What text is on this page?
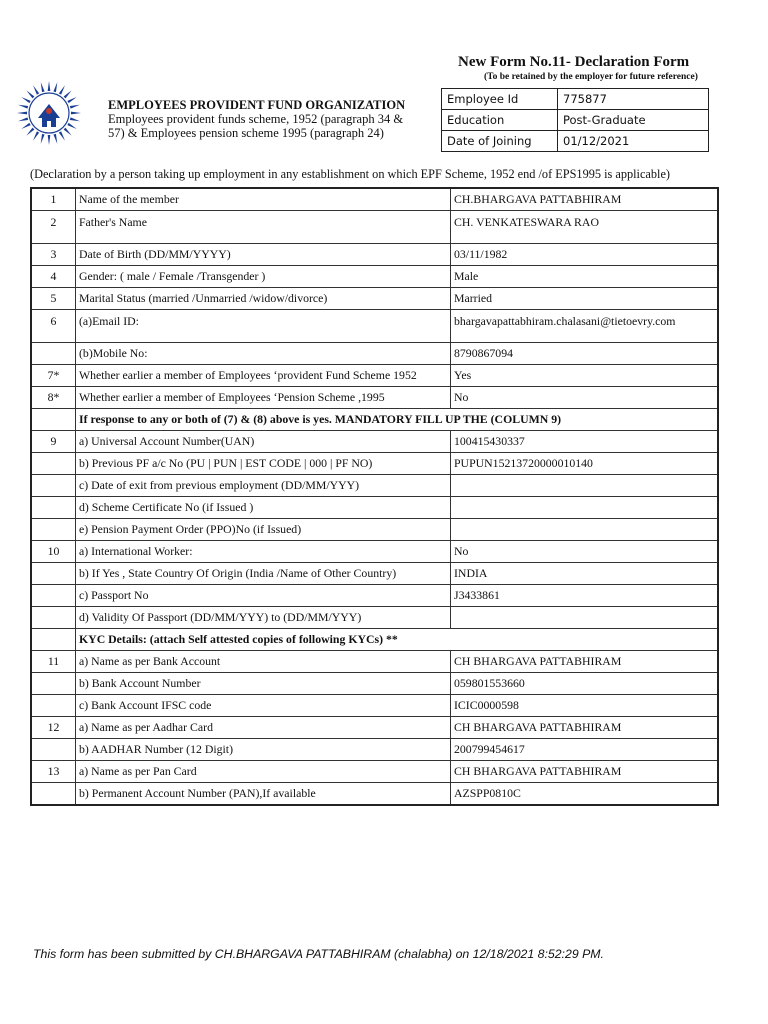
New Form No.11- Declaration Form
(To be retained by the employer for future reference)
EMPLOYEES PROVIDENT FUND ORGANIZATION
Employees provident funds scheme, 1952 (paragraph 34 &
57) & Employees pension scheme 1995 (paragraph 24)
Employee Id	775877
Education	Post-Graduate
Date of Joining	01/12/2021
(Declaration by a person taking up employment in any establishment on which EPF Scheme, 1952 end /of EPS1995 is applicable)
1	Name of the member	CH.BHARGAVA PATTABHIRAM
2	Father's Name	CH. VENKATESWARA RAO
3	Date of Birth (DD/MM/YYYY)	03/11/1982
4	Gender: ( male / Female /Transgender )	Male
5	Marital Status (married /Unmarried /widow/divorce)	Married
6	(a)Email ID:	bhargavapattabhiram.chalasani@tietoevry.com
	(b)Mobile No:	8790867094
7*	Whether earlier a member of Employees ‘provident Fund Scheme 1952	Yes
8*	Whether earlier a member of Employees ‘Pension Scheme ,1995	No
	If response to any or both of (7) & (8) above is yes. MANDATORY FILL UP THE (COLUMN 9)	
9	a) Universal Account Number(UAN)	100415430337
	b) Previous PF a/c No (PU | PUN | EST CODE | 000 | PF NO)	PUPUN15213720000010140
	c) Date of exit from previous employment (DD/MM/YYY)	
	d) Scheme Certificate No (if Issued )	
	e) Pension Payment Order (PPO)No (if Issued)	
10	a) International Worker:	No
	b) If Yes , State Country Of Origin (India /Name of Other Country)	INDIA
	c) Passport No	J3433861
	d) Validity Of Passport (DD/MM/YYY) to (DD/MM/YYY)	
	KYC Details: (attach Self attested copies of following KYCs) **	
11	a) Name as per Bank Account	CH BHARGAVA PATTABHIRAM
	b) Bank Account Number	059801553660
	c) Bank Account IFSC code	ICIC0000598
12	a) Name as per Aadhar Card	CH BHARGAVA PATTABHIRAM
	b) AADHAR Number (12 Digit)	200799454617
13	a) Name as per Pan Card	CH BHARGAVA PATTABHIRAM
	b) Permanent Account Number (PAN),If available	AZSPP0810C
This form has been submitted by CH.BHARGAVA PATTABHIRAM (chalabha) on 12/18/2021 8:52:29 PM.
